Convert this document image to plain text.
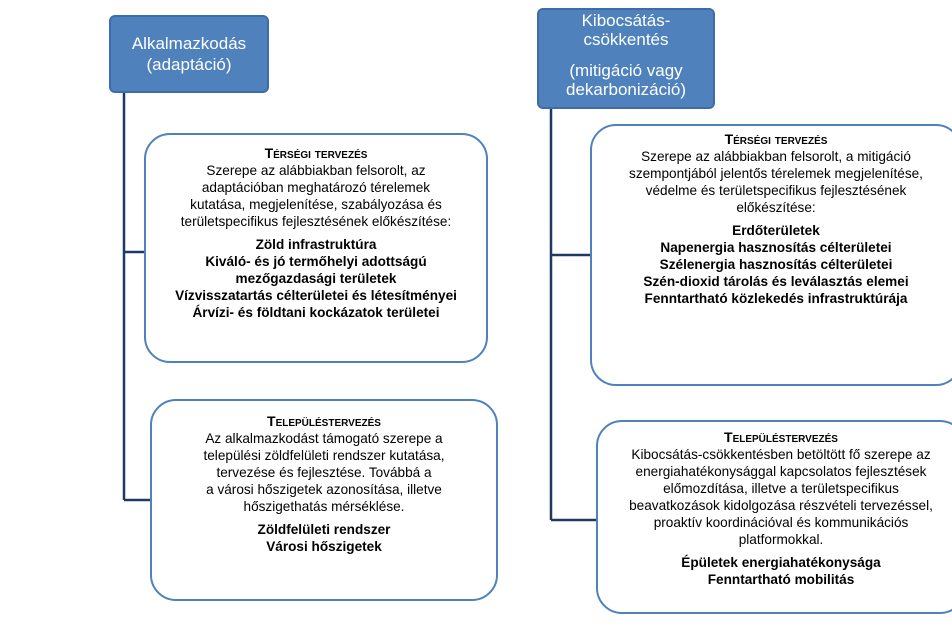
Alkalmazkodás
(adaptáció)
Kibocsátás-
csökkentés
(mitigáció vagy
dekarbonizáció)
Térségi tervezés
Szerepe az alábbiakban felsorolt, az
adaptációban meghatározó térelemek
kutatása, megjelenítése, szabályozása és
területspecifikus fejlesztésének előkészítése:
Zöld infrastruktúra
Kiváló- és jó termőhelyi adottságú
mezőgazdasági területek
Vízvisszatartás célterületei és létesítményei
Árvízi- és földtani kockázatok területei
Településtervezés
Az alkalmazkodást támogató szerepe a
települési zöldfelületi rendszer kutatása,
tervezése és fejlesztése. Továbbá a
a városi hőszigetek azonosítása, illetve
hőszigethatás mérséklése.
Zöldfelületi rendszer
Városi hőszigetek
Térségi tervezés
Szerepe az alábbiakban felsorolt, a mitigáció
szempontjából jelentős térelemek megjelenítése,
védelme és területspecifikus fejlesztésének
előkészítése:
Erdőterületek
Napenergia hasznosítás célterületei
Szélenergia hasznosítás célterületei
Szén-dioxid tárolás és leválasztás elemei
Fenntartható közlekedés infrastruktúrája
Településtervezés
Kibocsátás-csökkentésben betöltött fő szerepe az
energiahatékonysággal kapcsolatos fejlesztések
előmozdítása, illetve a területspecifikus
beavatkozások kidolgozása részvételi tervezéssel,
proaktív koordinációval és kommunikációs
platformokkal.
Épületek energiahatékonysága
Fenntartható mobilitás
